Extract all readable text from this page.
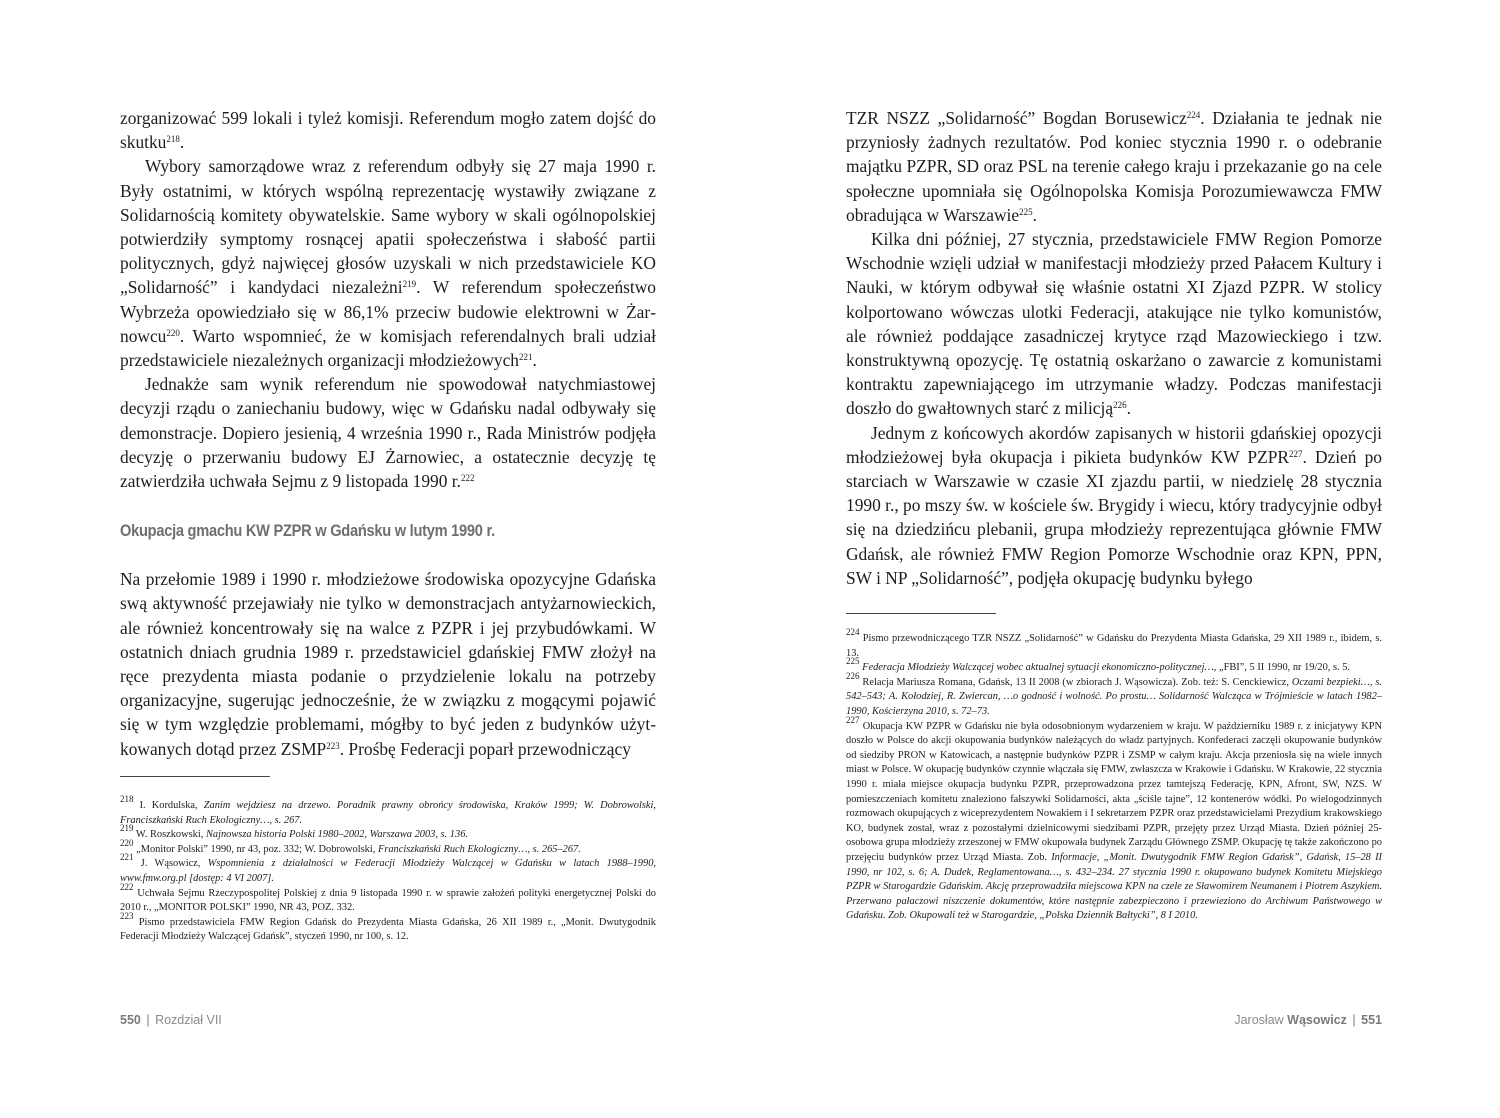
zorganizować 599 lokali i tyleż komisji. Referendum mogło zatem dojść do skutku$^{218}$.

Wybory samorządowe wraz z referendum odbyły się 27 maja 1990 r. Były ostatnimi, w których wspólną reprezentację wystawiły związane z Solidarnością komitety obywatelskie. Same wybory w skali ogólnopolskiej potwierdziły symptomy rosnącej apatii społeczeństwa i słabość partii politycznych, gdyż najwięcej głosów uzyskali w nich przedstawiciele KO „Solidarność” i kandydaci niezależni$^{219}$. W referendum społeczeństwo Wybrzeża opowiedziało się w 86,1% przeciw budowie elektrowni w Żarnowcu$^{220}$. Warto wspomnieć, że w komisjach referendalnych brali udział przedstawiciele niezależnych organizacji młodzieżowych$^{221}$.

Jednakże sam wynik referendum nie spowodował natychmiastowej decyzji rządu o zaniechaniu budowy, więc w Gdańsku nadal odbywały się demonstracje. Dopiero jesienią, 4 września 1990 r., Rada Ministrów podjęła decyzję o przerwaniu budowy EJ Żarnowiec, a ostatecznie decyzję tę zatwierdziła uchwała Sejmu z 9 listopada 1990 r.$^{222}$

Okupacja gmachu KW PZPR w Gdańsku w lutym 1990 r.

Na przełomie 1989 i 1990 r. młodzieżowe środowiska opozycyjne Gdańska swą aktywność przejawiały nie tylko w demonstracjach antyżarnowieckich, ale również koncentrowały się na walce z PZPR i jej przybudówkami. W ostatnich dniach grudnia 1989 r. przedstawiciel gdańskiej FMW złożył na ręce prezydenta miasta podanie o przydzielenie lokalu na potrzeby organizacyjne, sugerując jednocześnie, że w związku z mogącymi pojawić się w tym względzie problemami, mógłby to być jeden z budynków użytkowanych dotąd przez ZSMP$^{223}$. Prośbę Federacji poparł przewodniczący

$^{218}$ I. Kordulska, Zanim wejdziesz na drzewo. Poradnik prawny obrońcy środowiska, Kraków 1999; W. Dobrowolski, Franciszkański Ruch Ekologiczny…, s. 267.

$^{219}$ W. Roszkowski, Najnowsza historia Polski 1980–2002, Warszawa 2003, s. 136.

$^{220}$ „Monitor Polski” 1990, nr 43, poz. 332; W. Dobrowolski, Franciszkański Ruch Ekologiczny…, s. 265–267.

$^{221}$ J. Wąsowicz, Wspomnienia z działalności w Federacji Młodzieży Walczącej w Gdańsku w latach 1988–1990, www.fmw.org.pl [dostęp: 4 VI 2007].

$^{222}$ Uchwała Sejmu Rzeczypospolitej Polskiej z dnia 9 listopada 1990 r. w sprawie założeń polityki energetycznej Polski do 2010 r., „MONITOR POLSKI” 1990, NR 43, POZ. 332.

$^{223}$ Pismo przedstawiciela FMW Region Gdańsk do Prezydenta Miasta Gdańska, 26 XII 1989 r., „Monit. Dwutygodnik Federacji Młodzieży Walczącej Gdańsk”, styczeń 1990, nr 100, s. 12.

550 | Rozdział VII

TZR NSZZ „Solidarność” Bogdan Borusewicz$^{224}$. Działania te jednak nie przyniosły żadnych rezultatów. Pod koniec stycznia 1990 r. o odebranie majątku PZPR, SD oraz PSL na terenie całego kraju i przekazanie go na cele społeczne upomniała się Ogólnopolska Komisja Porozumiewawcza FMW obradująca w Warszawie$^{225}$.

Kilka dni później, 27 stycznia, przedstawiciele FMW Region Pomorze Wschodnie wzięli udział w manifestacji młodzieży przed Pałacem Kultury i Nauki, w którym odbywał się właśnie ostatni XI Zjazd PZPR. W stolicy kolportowano wówczas ulotki Federacji, atakujące nie tylko komunistów, ale również poddające zasadniczej krytyce rząd Mazowieckiego i tzw. konstruktywną opozycję. Tę ostatnią oskarżano o zawarcie z komunistami kontraktu zapewniającego im utrzymanie władzy. Podczas manifestacji doszło do gwałtownych starć z milicją$^{226}$.

Jednym z końcowych akordów zapisanych w historii gdańskiej opozycji młodzieżowej była okupacja i pikieta budynków KW PZPR$^{227}$. Dzień po starciach w Warszawie w czasie XI zjazdu partii, w niedzielę 28 stycznia 1990 r., po mszy św. w kościele św. Brygidy i wiecu, który tradycyjnie odbył się na dziedzińcu plebanii, grupa młodzieży reprezentująca głównie FMW Gdańsk, ale również FMW Region Pomorze Wschodnie oraz KPN, PPN, SW i NP „Solidarność”, podjęła okupację budynku byłego

$^{224}$ Pismo przewodniczącego TZR NSZZ „Solidarność” w Gdańsku do Prezydenta Miasta Gdańska, 29 XII 1989 r., ibidem, s. 13.

$^{225}$ Federacja Młodzieży Walczącej wobec aktualnej sytuacji ekonomiczno-politycznej…, „FBI”, 5 II 1990, nr 19/20, s. 5.

$^{226}$ Relacja Mariusza Romana, Gdańsk, 13 II 2008 (w zbiorach J. Wąsowicza). Zob. też: S. Cenckiewicz, Oczami bezpieki…, s. 542–543; A. Kołodziej, R. Zwiercan, …o godność i wolność. Po prostu… Solidarność Walcząca w Trójmieście w latach 1982–1990, Kościerzyna 2010, s. 72–73.

$^{227}$ Okupacja KW PZPR w Gdańsku nie była odosobnionym wydarzeniem w kraju. W październiku 1989 r. z inicjatywy KPN doszło w Polsce do akcji okupowania budynków należących do władz partyjnych. Konfederaci zaczęli okupowanie budynków od siedziby PRON w Katowicach, a następnie budynków PZPR i ZSMP w całym kraju. Akcja przeniosła się na wiele innych miast w Polsce. W okupację budynków czynnie włączała się FMW, zwłaszcza w Krakowie i Gdańsku. W Krakowie, 22 stycznia 1990 r. miała miejsce okupacja budynku PZPR, przeprowadzona przez tamtejszą Federację, KPN, Afront, SW, NZS. W pomieszczeniach komitetu znaleziono fałszywki Solidarności, akta „ściśle tajne”, 12 kontenerów wódki. Po wielogodzinnych rozmowach okupujących z wiceprezydentem Nowakiem i I sekretarzem PZPR oraz przedstawicielami Prezydium krakowskiego KO, budynek został, wraz z pozostałymi dzielnicowymi siedzibami PZPR, przejęty przez Urząd Miasta. Dzień później 25-osobowa grupa młodzieży zrzeszonej w FMW okupowała budynek Zarządu Głównego ZSMP. Okupację tę także zakończono po przejęciu budynków przez Urząd Miasta. Zob. Informacje, „Monit. Dwutygodnik FMW Region Gdańsk”, Gdańsk, 15–28 II 1990, nr 102, s. 6; A. Dudek, Reglamentowana…, s. 432–234. 27 stycznia 1990 r. okupowano budynek Komitetu Miejskiego PZPR w Starogardzie Gdańskim. Akcję przeprowadziła miejscowa KPN na czele ze Sławomirem Neumanem i Piotrem Aszykiem. Przerwano pałaczowi niszczenie dokumentów, które następnie zabezpieczono i przewieziono do Archiwum Państwowego w Gdańsku. Zob. Okupowali też w Starogardzie, „Polska Dziennik Bałtycki”, 8 I 2010.

Jarosław Wąsowicz | 551
